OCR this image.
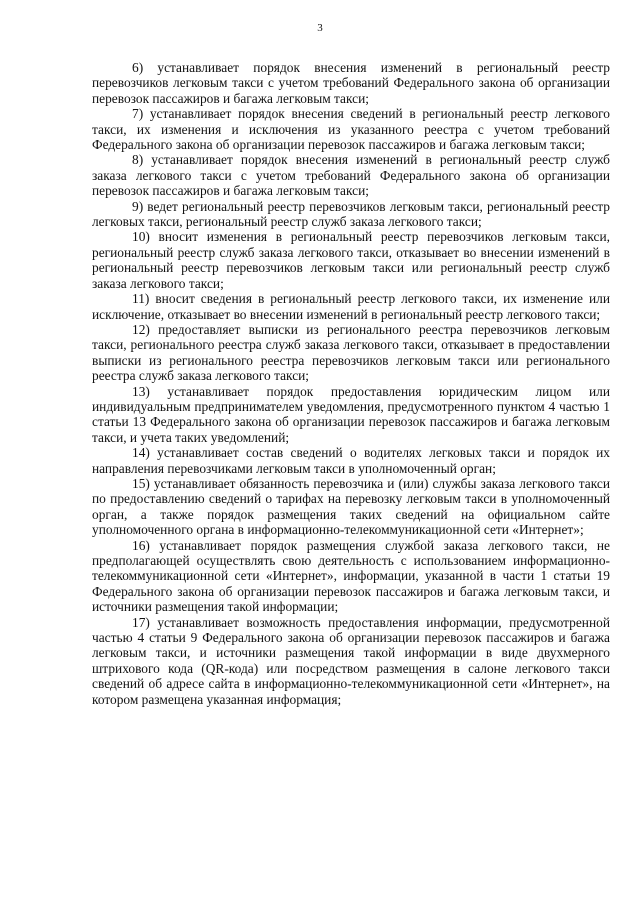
3

6) устанавливает порядок внесения изменений в региональный реестр перевозчиков легковым такси с учетом требований Федерального закона об организации перевозок пассажиров и багажа легковым такси;

7) устанавливает порядок внесения сведений в региональный реестр легкового такси, их изменения и исключения из указанного реестра с учетом требований Федерального закона об организации перевозок пассажиров и багажа легковым такси;

8) устанавливает порядок внесения изменений в региональный реестр служб заказа легкового такси с учетом требований Федерального закона об организации перевозок пассажиров и багажа легковым такси;

9) ведет региональный реестр перевозчиков легковым такси, региональный реестр легковых такси, региональный реестр служб заказа легкового такси;

10) вносит изменения в региональный реестр перевозчиков легковым такси, региональный реестр служб заказа легкового такси, отказывает во внесении изменений в региональный реестр перевозчиков легковым такси или региональный реестр служб заказа легкового такси;

11) вносит сведения в региональный реестр легкового такси, их изменение или исключение, отказывает во внесении изменений в региональный реестр легкового такси;

12) предоставляет выписки из регионального реестра перевозчиков легковым такси, регионального реестра служб заказа легкового такси, отказывает в предоставлении выписки из регионального реестра перевозчиков легковым такси или регионального реестра служб заказа легкового такси;

13) устанавливает порядок предоставления юридическим лицом или индивидуальным предпринимателем уведомления, предусмотренного пунктом 4 частью 1 статьи 13 Федерального закона об организации перевозок пассажиров и багажа легковым такси, и учета таких уведомлений;

14) устанавливает состав сведений о водителях легковых такси и порядок их направления перевозчиками легковым такси в уполномоченный орган;

15) устанавливает обязанность перевозчика и (или) службы заказа легкового такси по предоставлению сведений о тарифах на перевозку легковым такси в уполномоченный орган, а также порядок размещения таких сведений на официальном сайте уполномоченного органа в информационно-телекоммуникационной сети «Интернет»;

16) устанавливает порядок размещения службой заказа легкового такси, не предполагающей осуществлять свою деятельность с использованием информационно-телекоммуникационной сети «Интернет», информации, указанной в части 1 статьи 19 Федерального закона об организации перевозок пассажиров и багажа легковым такси, и источники размещения такой информации;

17) устанавливает возможность предоставления информации, предусмотренной частью 4 статьи 9 Федерального закона об организации перевозок пассажиров и багажа легковым такси, и источники размещения такой информации в виде двухмерного штрихового кода (QR-кода) или посредством размещения в салоне легкового такси сведений об адресе сайта в информационно-телекоммуникационной сети «Интернет», на котором размещена указанная информация;
